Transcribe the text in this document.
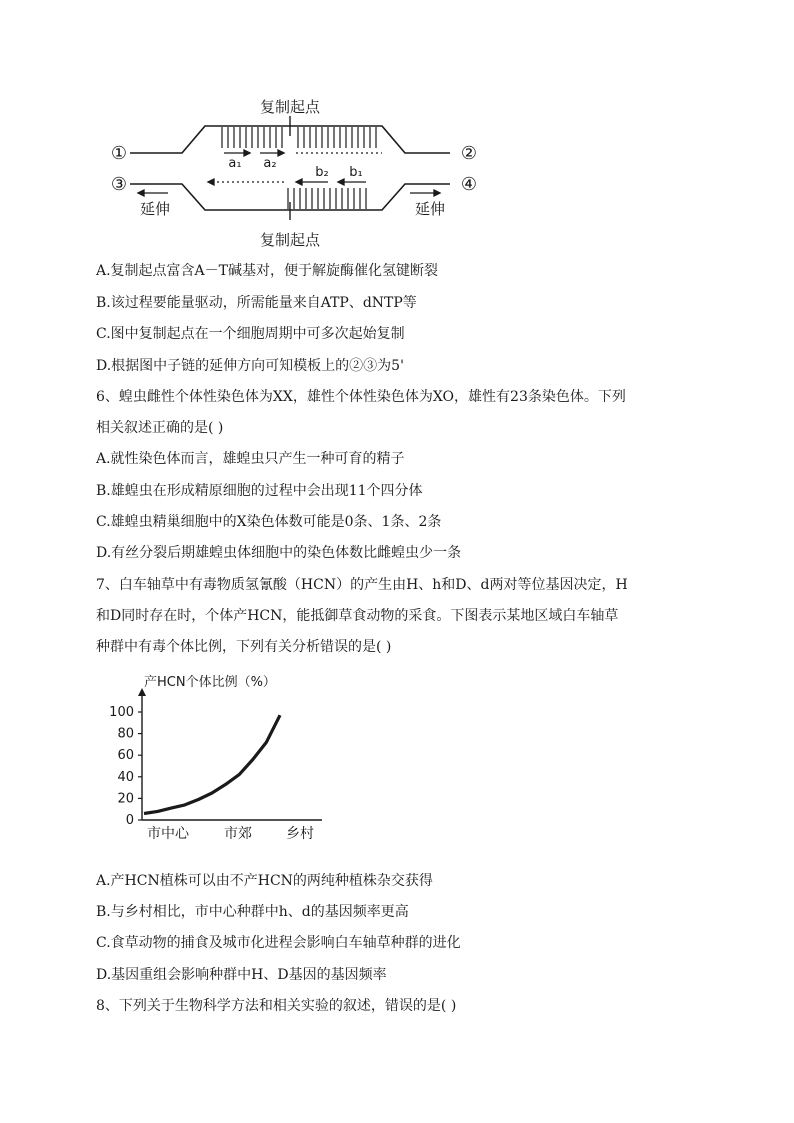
复制起点
复制起点
①	②
③	④
a₁ a₂
b₂ b₁
延伸	延伸
A.复制起点富含A－T碱基对，便于解旋酶催化氢键断裂
B.该过程要能量驱动，所需能量来自ATP、dNTP等
C.图中复制起点在一个细胞周期中可多次起始复制
D.根据图中子链的延伸方向可知模板上的②③为5'
6、蝗虫雌性个体性染色体为XX，雄性个体性染色体为XO，雄性有23条染色体。下列
相关叙述正确的是( )
A.就性染色体而言，雄蝗虫只产生一种可育的精子
B.雄蝗虫在形成精原细胞的过程中会出现11个四分体
C.雄蝗虫精巢细胞中的X染色体数可能是0条、1条、2条
D.有丝分裂后期雄蝗虫体细胞中的染色体数比雌蝗虫少一条
7、白车轴草中有毒物质氢氰酸（HCN）的产生由H、h和D、d两对等位基因决定，H
和D同时存在时，个体产HCN，能抵御草食动物的采食。下图表示某地区域白车轴草
种群中有毒个体比例，下列有关分析错误的是( )
产HCN个体比例（%）
0
20
40
60
80
100
市中心	市郊 乡村
A.产HCN植株可以由不产HCN的两纯种植株杂交获得
B.与乡村相比，市中心种群中h、d的基因频率更高
C.食草动物的捕食及城市化进程会影响白车轴草种群的进化
D.基因重组会影响种群中H、D基因的基因频率
8、下列关于生物科学方法和相关实验的叙述，错误的是( )
